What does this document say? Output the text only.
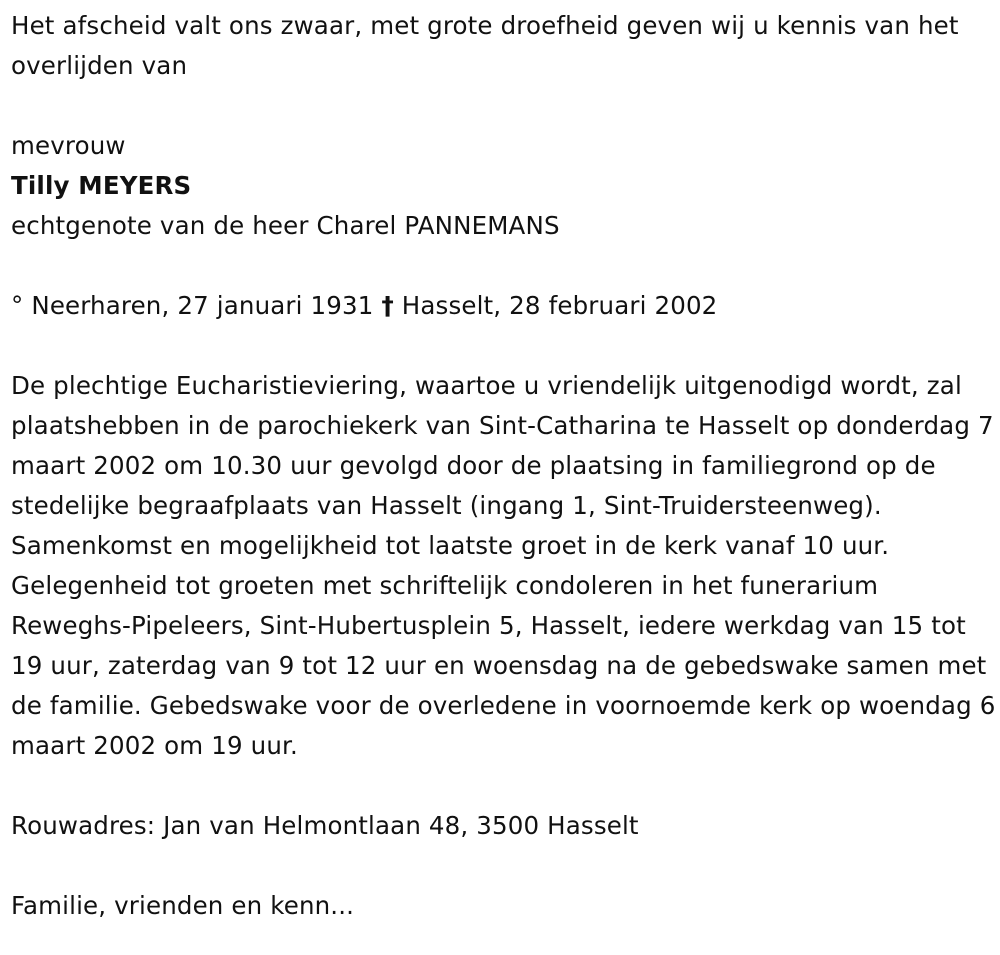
Het afscheid valt ons zwaar, met grote droefheid geven wij u kennis van het overlijden van

mevrouw

Tilly MEYERS

echtgenote van de heer Charel PANNEMANS

° Neerharen, 27 januari 1931 † Hasselt, 28 februari 2002

De plechtige Eucharistieviering, waartoe u vriendelijk uitgenodigd wordt, zal plaatshebben in de parochiekerk van Sint-Catharina te Hasselt op donderdag 7 maart 2002 om 10.30 uur gevolgd door de plaatsing in familiegrond op de stedelijke begraafplaats van Hasselt (ingang 1, Sint-Truidersteenweg). Samenkomst en mogelijkheid tot laatste groet in de kerk vanaf 10 uur. Gelegenheid tot groeten met schriftelijk condoleren in het funerarium Reweghs-Pipeleers, Sint-Hubertusplein 5, Hasselt, iedere werkdag van 15 tot 19 uur, zaterdag van 9 tot 12 uur en woensdag na de gebedswake samen met de familie. Gebedswake voor de overledene in voornoemde kerk op woendag 6 maart 2002 om 19 uur.

Rouwadres: Jan van Helmontlaan 48, 3500 Hasselt

Familie, vrienden en kenn...
